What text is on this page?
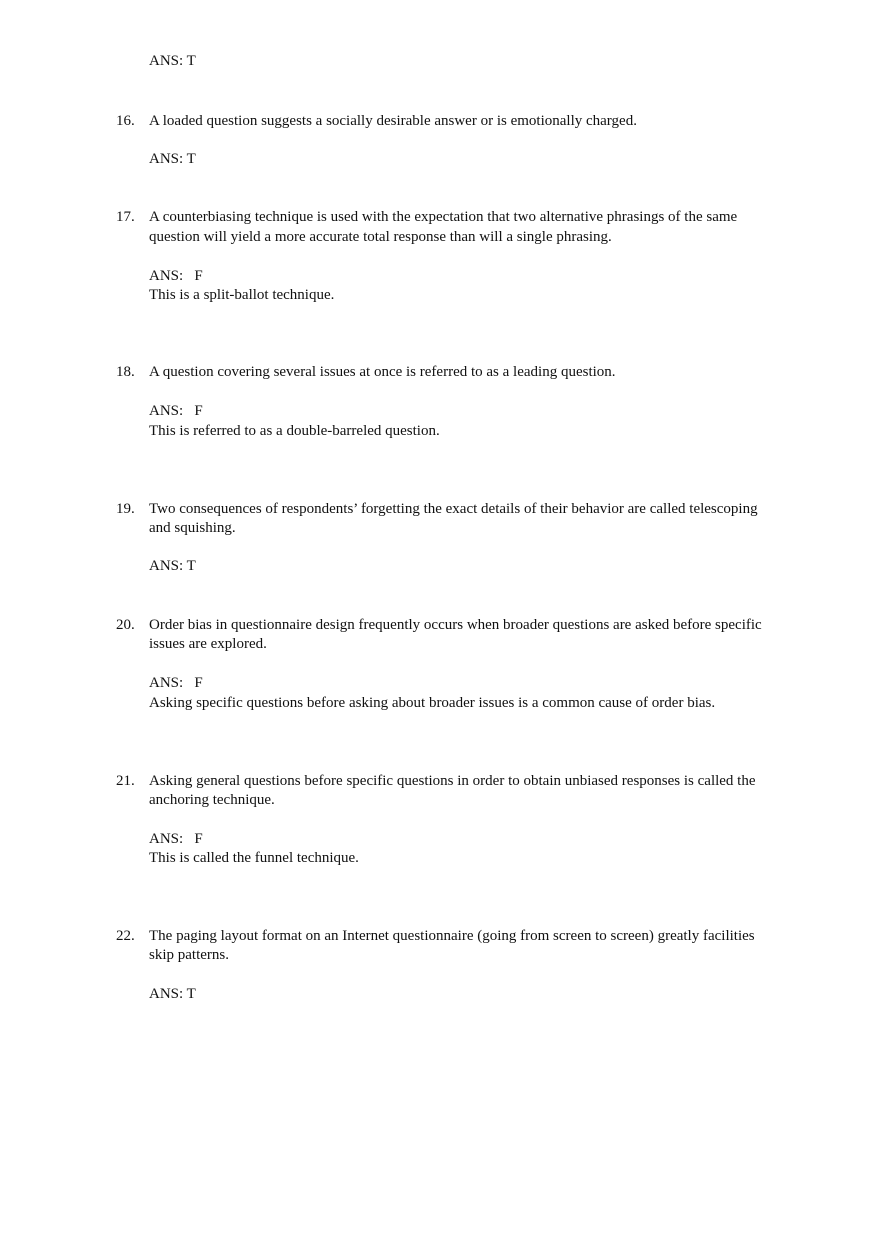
ANS: T
16. A loaded question suggests a socially desirable answer or is emotionally charged.
ANS: T
17. A counterbiasing technique is used with the expectation that two alternative phrasings of the same
question will yield a more accurate total response than will a single phrasing.
ANS:   F
This is a split-ballot technique.
18. A question covering several issues at once is referred to as a leading question.
ANS:   F
This is referred to as a double-barreled question.
19. Two consequences of respondents’ forgetting the exact details of their behavior are called telescoping
and squishing.
ANS: T
20. Order bias in questionnaire design frequently occurs when broader questions are asked before specific
issues are explored.
ANS:   F
Asking specific questions before asking about broader issues is a common cause of order bias.
21. Asking general questions before specific questions in order to obtain unbiased responses is called the
anchoring technique.
ANS:   F
This is called the funnel technique.
22. The paging layout format on an Internet questionnaire (going from screen to screen) greatly facilities
skip patterns.
ANS: T
